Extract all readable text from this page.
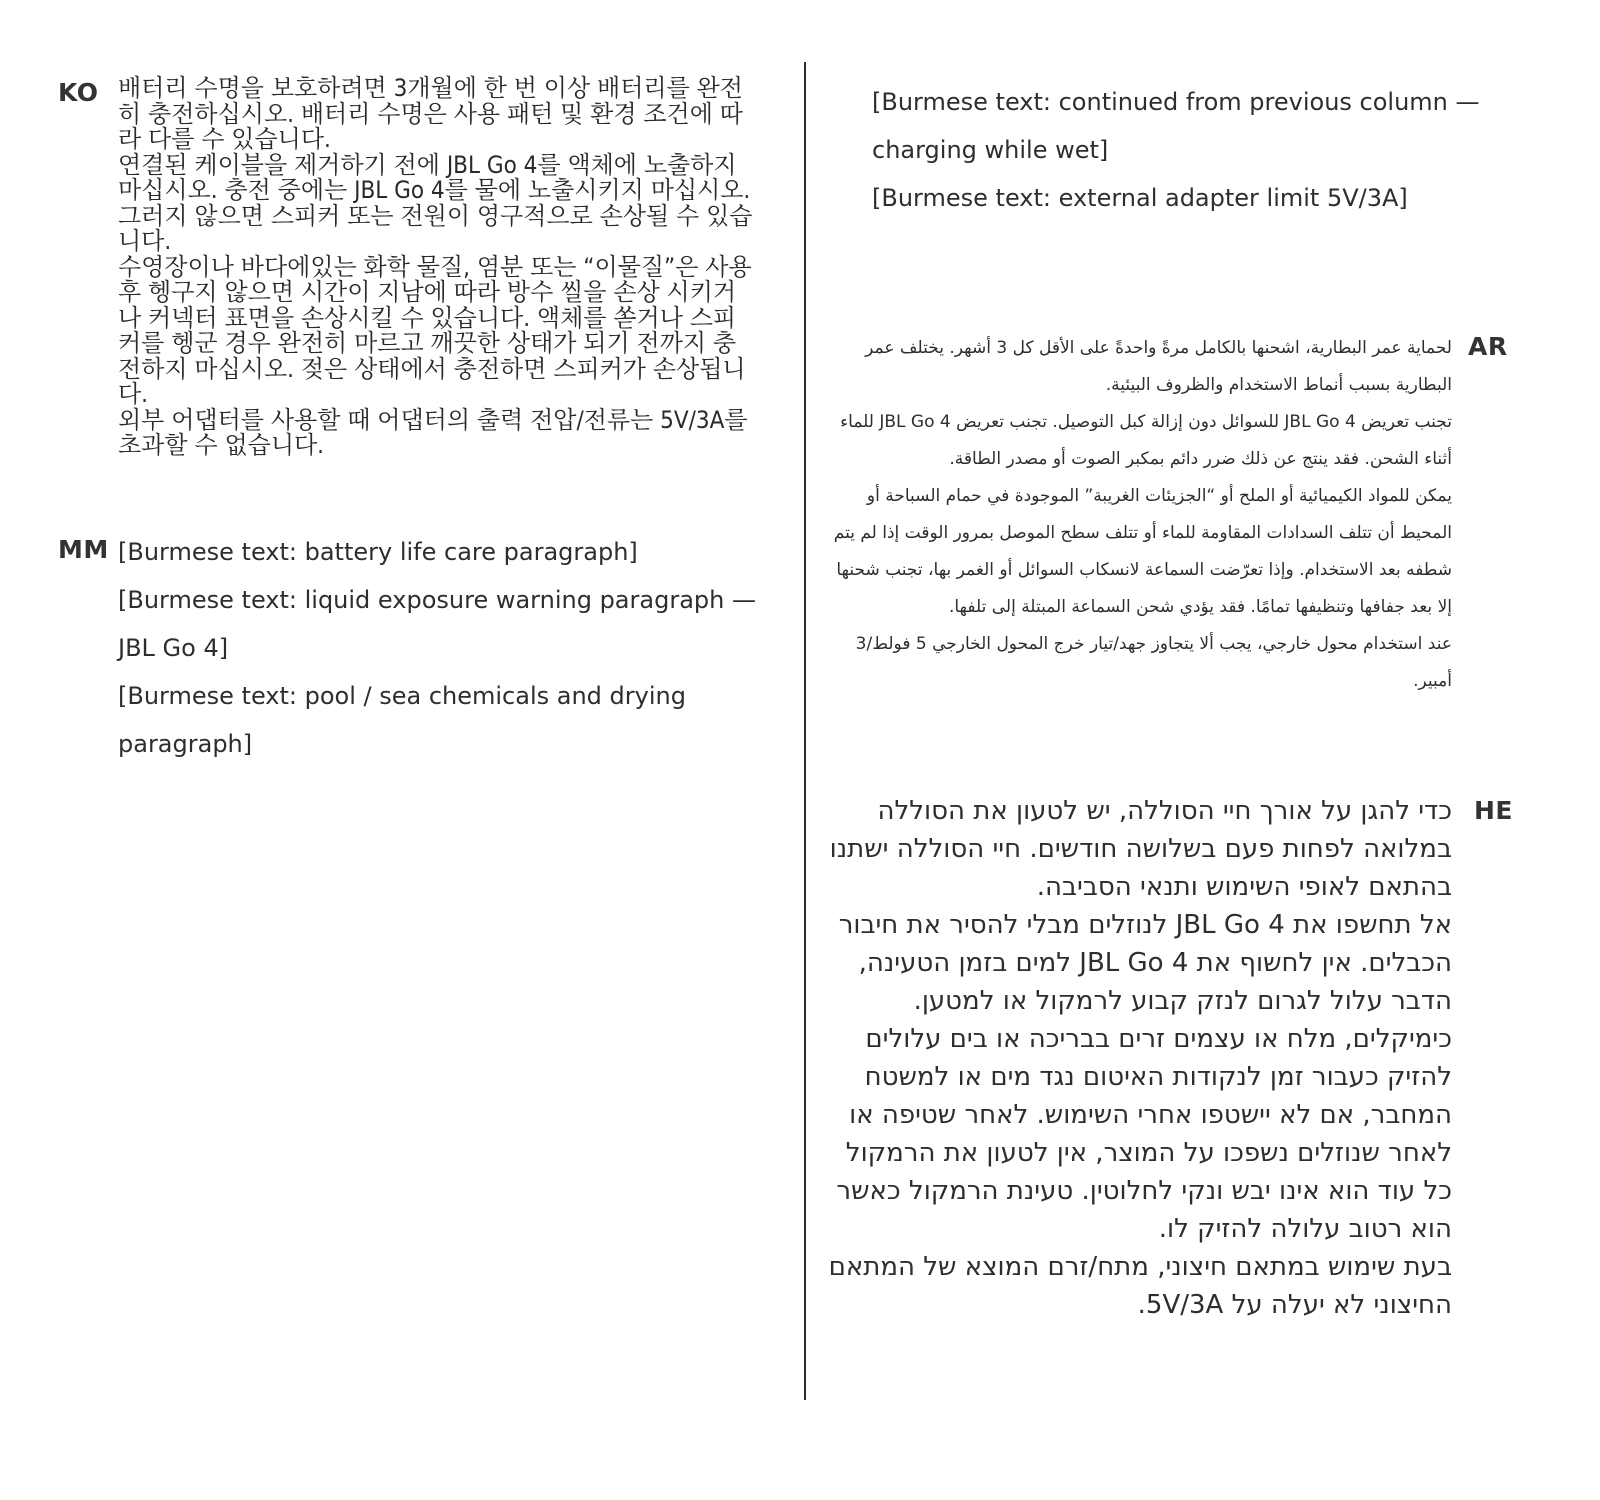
KO 배터리 수명을 보호하려면 3개월에 한 번 이상 배터리를 완전히 충전하십시오. 배터리 수명은 사용 패턴 및 환경 조건에 따라 다를 수 있습니다.

연결된 케이블을 제거하기 전에 JBL Go 4를 액체에 노출하지 마십시오. 충전 중에는 JBL Go 4를 물에 노출시키지 마십시오. 그러지 않으면 스피커 또는 전원이 영구적으로 손상될 수 있습니다.

수영장이나 바다에있는 화학 물질, 염분 또는 “이물질”은 사용 후 헹구지 않으면 시간이 지남에 따라 방수 씰을 손상 시키거나 커넥터 표면을 손상시킬 수 있습니다. 액체를 쏟거나 스피커를 헹군 경우 완전히 마르고 깨끗한 상태가 되기 전까지 충전하지 마십시오. 젖은 상태에서 충전하면 스피커가 손상됩니다.

외부 어댑터를 사용할 때 어댑터의 출력 전압/전류는 5V/3A를 초과할 수 없습니다.

MM [Burmese text: battery life care paragraph]

[Burmese text: liquid exposure warning paragraph — JBL Go 4]

[Burmese text: pool / sea chemicals and drying paragraph]

[Burmese text: continued from previous column — charging while wet]

[Burmese text: external adapter limit 5V/3A]

AR

لحماية عمر البطارية، اشحنها بالكامل مرةً واحدةً على الأقل كل 3 أشهر. يختلف عمر البطارية بسبب أنماط الاستخدام والظروف البيئية.

تجنب تعريض JBL Go 4 للسوائل دون إزالة كبل التوصيل. تجنب تعريض JBL Go 4 للماء أثناء الشحن. فقد ينتج عن ذلك ضرر دائم بمكبر الصوت أو مصدر الطاقة.

يمكن للمواد الكيميائية أو الملح أو “الجزيئات الغريبة” الموجودة في حمام السباحة أو المحيط أن تتلف السدادات المقاومة للماء أو تتلف سطح الموصل بمرور الوقت إذا لم يتم شطفه بعد الاستخدام. وإذا تعرّضت السماعة لانسكاب السوائل أو الغمر بها، تجنب شحنها إلا بعد جفافها وتنظيفها تمامًا. فقد يؤدي شحن السماعة المبتلة إلى تلفها.

عند استخدام محول خارجي، يجب ألا يتجاوز جهد/تيار خرج المحول الخارجي 5 فولط/3 أمبير.

HE

כדי להגן על אורך חיי הסוללה, יש לטעון את הסוללה במלואה לפחות פעם בשלושה חודשים. חיי הסוללה ישתנו בהתאם לאופי השימוש ותנאי הסביבה.

אל תחשפו את JBL Go 4 לנוזלים מבלי להסיר את חיבור הכבלים. אין לחשוף את JBL Go 4 למים בזמן הטעינה, הדבר עלול לגרום לנזק קבוע לרמקול או למטען. כימיקלים, מלח או עצמים זרים בבריכה או בים עלולים להזיק כעבור זמן לנקודות האיטום נגד מים או למשטח המחבר, אם לא יישטפו אחרי השימוש. לאחר שטיפה או לאחר שנוזלים נשפכו על המוצר, אין לטעון את הרמקול כל עוד הוא אינו יבש ונקי לחלוטין. טעינת הרמקול כאשר הוא רטוב עלולה להזיק לו.

בעת שימוש במתאם חיצוני, מתח/זרם המוצא של המתאם החיצוני לא יעלה על 5V/3A.
